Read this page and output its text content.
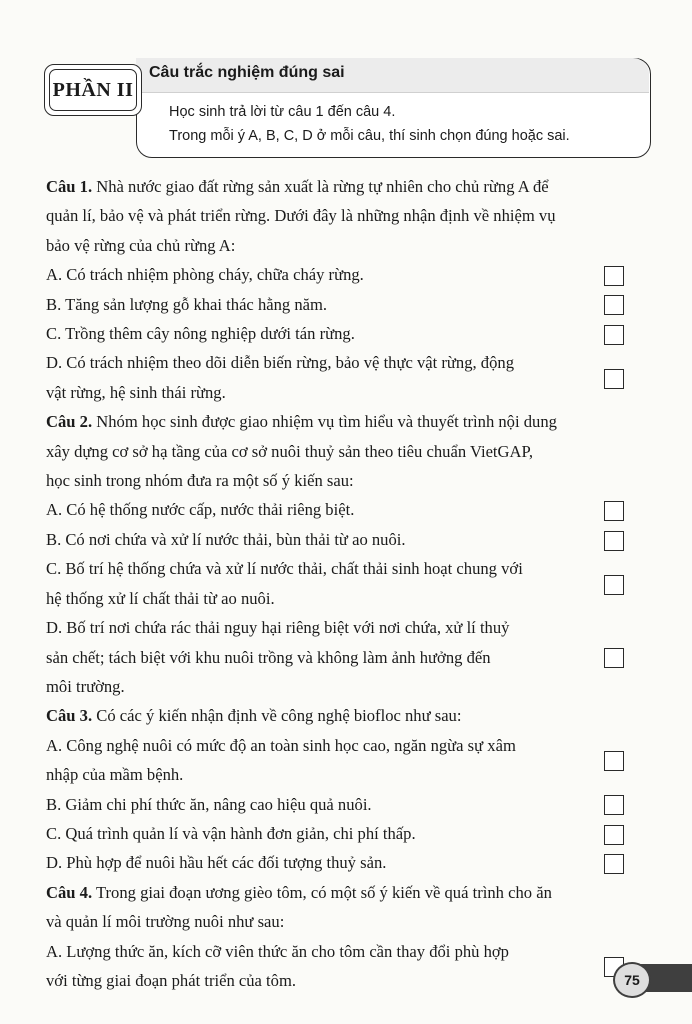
PHẦN II
Câu trắc nghiệm đúng sai
Học sinh trả lời từ câu 1 đến câu 4.
Trong mỗi ý A, B, C, D ở mỗi câu, thí sinh chọn đúng hoặc sai.
Câu 1. Nhà nước giao đất rừng sản xuất là rừng tự nhiên cho chủ rừng A để
quản lí, bảo vệ và phát triển rừng. Dưới đây là những nhận định về nhiệm vụ
bảo vệ rừng của chủ rừng A:
A. Có trách nhiệm phòng cháy, chữa cháy rừng.
B. Tăng sản lượng gỗ khai thác hằng năm.
C. Trồng thêm cây nông nghiệp dưới tán rừng.
D. Có trách nhiệm theo dõi diễn biến rừng, bảo vệ thực vật rừng, động
vật rừng, hệ sinh thái rừng.
Câu 2. Nhóm học sinh được giao nhiệm vụ tìm hiểu và thuyết trình nội dung
xây dựng cơ sở hạ tầng của cơ sở nuôi thuỷ sản theo tiêu chuẩn VietGAP,
học sinh trong nhóm đưa ra một số ý kiến sau:
A. Có hệ thống nước cấp, nước thải riêng biệt.
B. Có nơi chứa và xử lí nước thải, bùn thải từ ao nuôi.
C. Bố trí hệ thống chứa và xử lí nước thải, chất thải sinh hoạt chung với
hệ thống xử lí chất thải từ ao nuôi.
D. Bố trí nơi chứa rác thải nguy hại riêng biệt với nơi chứa, xử lí thuỷ
sản chết; tách biệt với khu nuôi trồng và không làm ảnh hưởng đến
môi trường.
Câu 3. Có các ý kiến nhận định về công nghệ biofloc như sau:
A. Công nghệ nuôi có mức độ an toàn sinh học cao, ngăn ngừa sự xâm
nhập của mầm bệnh.
B. Giảm chi phí thức ăn, nâng cao hiệu quả nuôi.
C. Quá trình quản lí và vận hành đơn giản, chi phí thấp.
D. Phù hợp để nuôi hầu hết các đối tượng thuỷ sản.
Câu 4. Trong giai đoạn ương gièo tôm, có một số ý kiến về quá trình cho ăn
và quản lí môi trường nuôi như sau:
A. Lượng thức ăn, kích cỡ viên thức ăn cho tôm cần thay đổi phù hợp
với từng giai đoạn phát triển của tôm.	75
